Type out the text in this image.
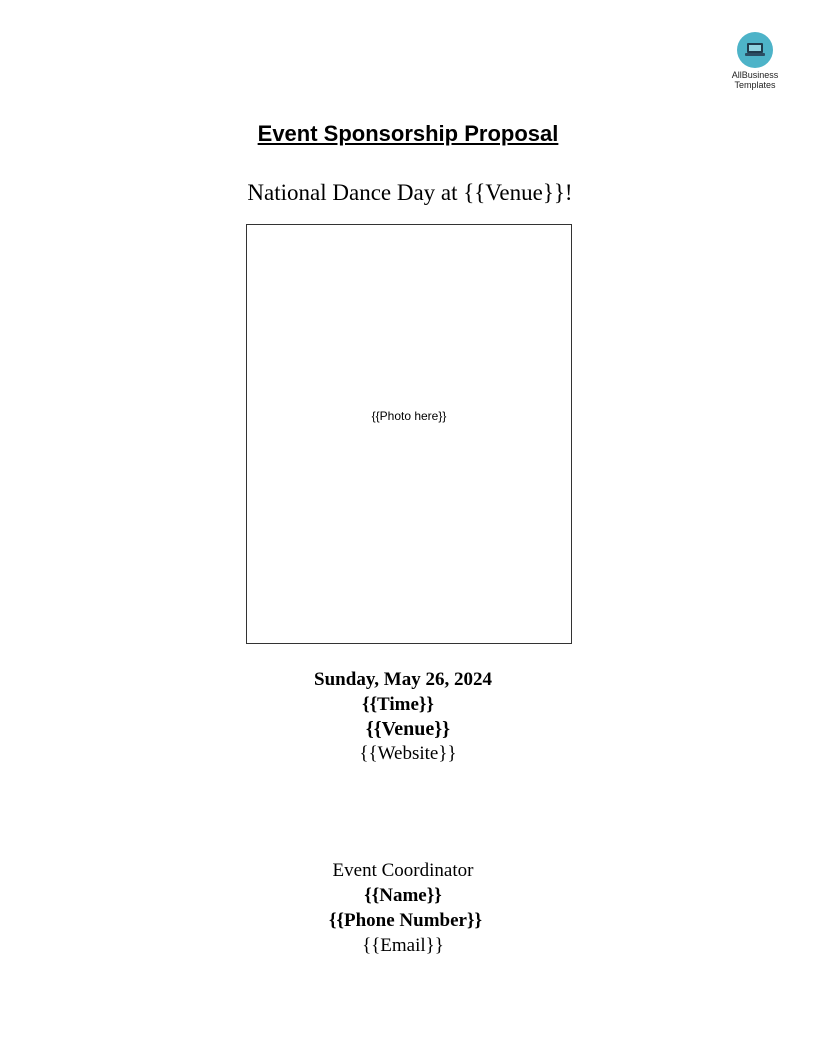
AllBusiness
Templates
Event Sponsorship Proposal
National Dance Day at {{Venue}}!
{{Photo here}}
Sunday, May 26, 2024
{{Time}}
{{Venue}}
{{Website}}
Event Coordinator
{{Name}}
{{Phone Number}}
{{Email}}
